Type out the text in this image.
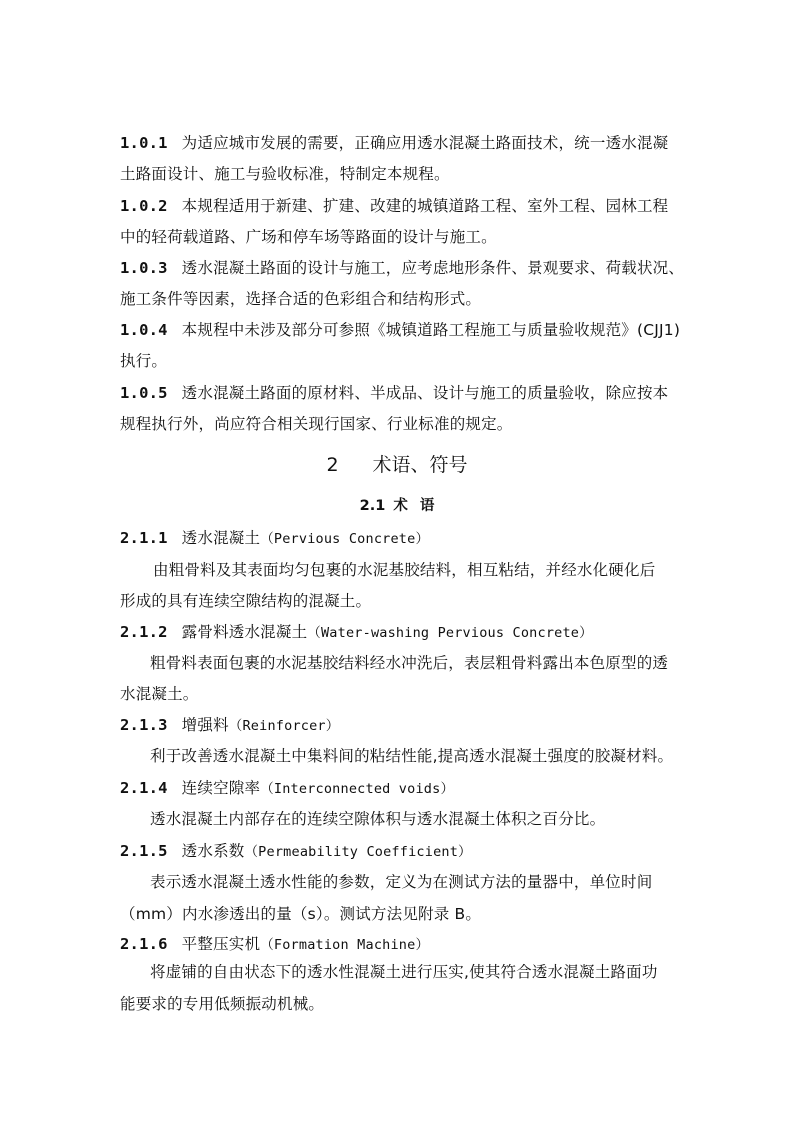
1.0.1 为适应城市发展的需要，正确应用透水混凝土路面技术，统一透水混凝
土路面设计、施工与验收标准，特制定本规程。
1.0.2 本规程适用于新建、扩建、改建的城镇道路工程、室外工程、园林工程
中的轻荷载道路、广场和停车场等路面的设计与施工。
1.0.3 透水混凝土路面的设计与施工，应考虑地形条件、景观要求、荷载状况、
施工条件等因素，选择合适的色彩组合和结构形式。
1.0.4 本规程中未涉及部分可参照《城镇道路工程施工与质量验收规范》(CJJ1)
执行。
1.0.5 透水混凝土路面的原材料、半成品、设计与施工的质量验收，除应按本
规程执行外，尚应符合相关现行国家、行业标准的规定。
2 术语、符号
2.1 术 语
2.1.1 透水混凝土（Pervious Concrete）
由粗骨料及其表面均匀包裹的水泥基胶结料，相互粘结，并经水化硬化后
形成的具有连续空隙结构的混凝土。
2.1.2 露骨料透水混凝土（Water-washing Pervious Concrete）
粗骨料表面包裹的水泥基胶结料经水冲洗后，表层粗骨料露出本色原型的透
水混凝土。
2.1.3 增强料（Reinforcer）
利于改善透水混凝土中集料间的粘结性能,提高透水混凝土强度的胶凝材料。
2.1.4 连续空隙率（Interconnected voids）
透水混凝土内部存在的连续空隙体积与透水混凝土体积之百分比。
2.1.5 透水系数（Permeability Coefficient）
表示透水混凝土透水性能的参数，定义为在测试方法的量器中，单位时间
（mm）内水渗透出的量（s）。测试方法见附录 B。
2.1.6 平整压实机（Formation Machine）
将虚铺的自由状态下的透水性混凝土进行压实,使其符合透水混凝土路面功
能要求的专用低频振动机械。
